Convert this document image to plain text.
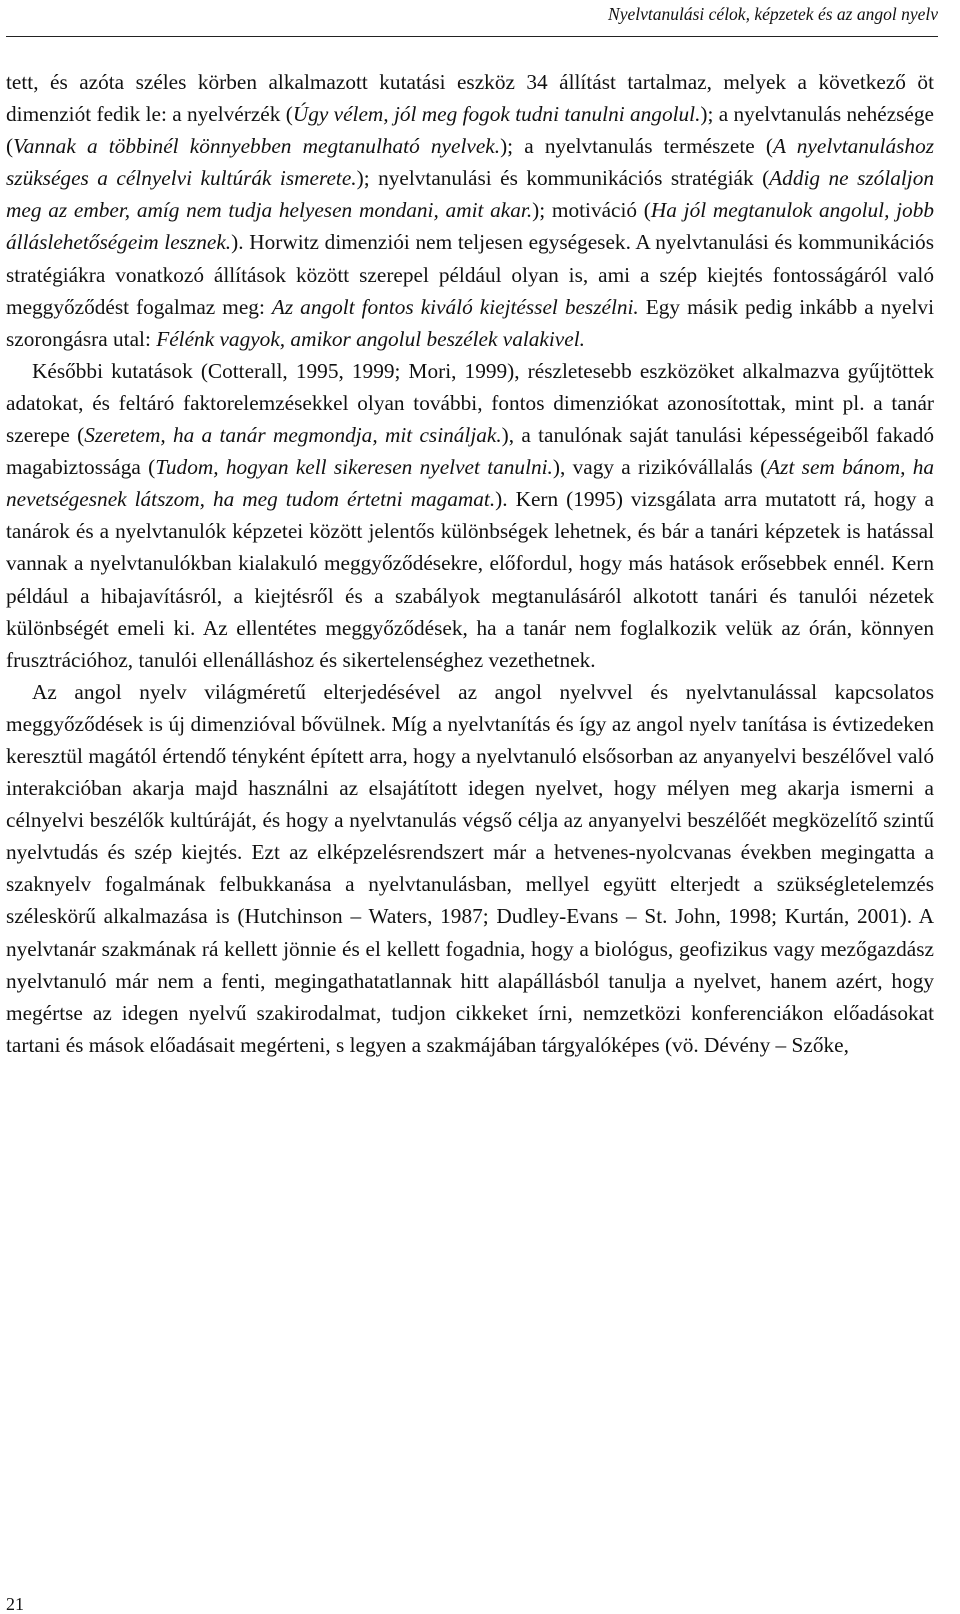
Nyelvtanulási célok, képzetek és az angol nyelv

tett, és azóta széles körben alkalmazott kutatási eszköz 34 állítást tartalmaz, melyek a következő öt dimenziót fedik le: a nyelvérzék (Úgy vélem, jól meg fogok tudni tanulni angolul.); a nyelvtanulás nehézsége (Vannak a többinél könnyebben megtanulható nyelvek.); a nyelvtanulás természete (A nyelvtanuláshoz szükséges a célnyelvi kultúrák ismerete.); nyelvtanulási és kommunikációs stratégiák (Addig ne szólaljon meg az ember, amíg nem tudja helyesen mondani, amit akar.); motiváció (Ha jól megtanulok angolul, jobb álláslehetőségeim lesznek.). Horwitz dimenziói nem teljesen egységesek. A nyelvtanulási és kommunikációs stratégiákra vonatkozó állítások között szerepel például olyan is, ami a szép kiejtés fontosságáról való meggyőződést fogalmaz meg: Az angolt fontos kiváló kiejtéssel beszélni. Egy másik pedig inkább a nyelvi szorongásra utal: Félénk vagyok, amikor angolul beszélek valakivel.

Későbbi kutatások (Cotterall, 1995, 1999; Mori, 1999), részletesebb eszközöket alkalmazva gyűjtöttek adatokat, és feltáró faktorelemzésekkel olyan további, fontos dimenziókat azonosítottak, mint pl. a tanár szerepe (Szeretem, ha a tanár megmondja, mit csináljak.), a tanulónak saját tanulási képességeiből fakadó magabiztossága (Tudom, hogyan kell sikeresen nyelvet tanulni.), vagy a rizikóvállalás (Azt sem bánom, ha nevetségesnek látszom, ha meg tudom értetni magamat.). Kern (1995) vizsgálata arra mutatott rá, hogy a tanárok és a nyelvtanulók képzetei között jelentős különbségek lehetnek, és bár a tanári képzetek is hatással vannak a nyelvtanulókban kialakuló meggyőződésekre, előfordul, hogy más hatások erősebbek ennél. Kern például a hibajavításról, a kiejtésről és a szabályok megtanulásáról alkotott tanári és tanulói nézetek különbségét emeli ki. Az ellentétes meggyőződések, ha a tanár nem foglalkozik velük az órán, könnyen frusztrációhoz, tanulói ellenálláshoz és sikertelenséghez vezethetnek.

Az angol nyelv világméretű elterjedésével az angol nyelvvel és nyelvtanulással kapcsolatos meggyőződések is új dimenzióval bővülnek. Míg a nyelvtanítás és így az angol nyelv tanítása is évtizedeken keresztül magától értendő tényként épített arra, hogy a nyelvtanuló elsősorban az anyanyelvi beszélővel való interakcióban akarja majd használni az elsajátított idegen nyelvet, hogy mélyen meg akarja ismerni a célnyelvi beszélők kultúráját, és hogy a nyelvtanulás végső célja az anyanyelvi beszélőét megközelítő szintű nyelvtudás és szép kiejtés. Ezt az elképzelésrendszert már a hetvenes-nyolcvanas években megingatta a szaknyelv fogalmának felbukkanása a nyelvtanulásban, mellyel együtt elterjedt a szükségletelemzés széleskörű alkalmazása is (Hutchinson – Waters, 1987; Dudley-Evans – St. John, 1998; Kurtán, 2001). A nyelvtanár szakmának rá kellett jönnie és el kellett fogadnia, hogy a biológus, geofizikus vagy mezőgazdász nyelvtanuló már nem a fenti, megingathatatlannak hitt alapállásból tanulja a nyelvet, hanem azért, hogy megértse az idegen nyelvű szakirodalmat, tudjon cikkeket írni, nemzetközi konferenciákon előadásokat tartani és mások előadásait megérteni, s legyen a szakmájában tárgyalóképes (vö. Dévény – Szőke,

21
